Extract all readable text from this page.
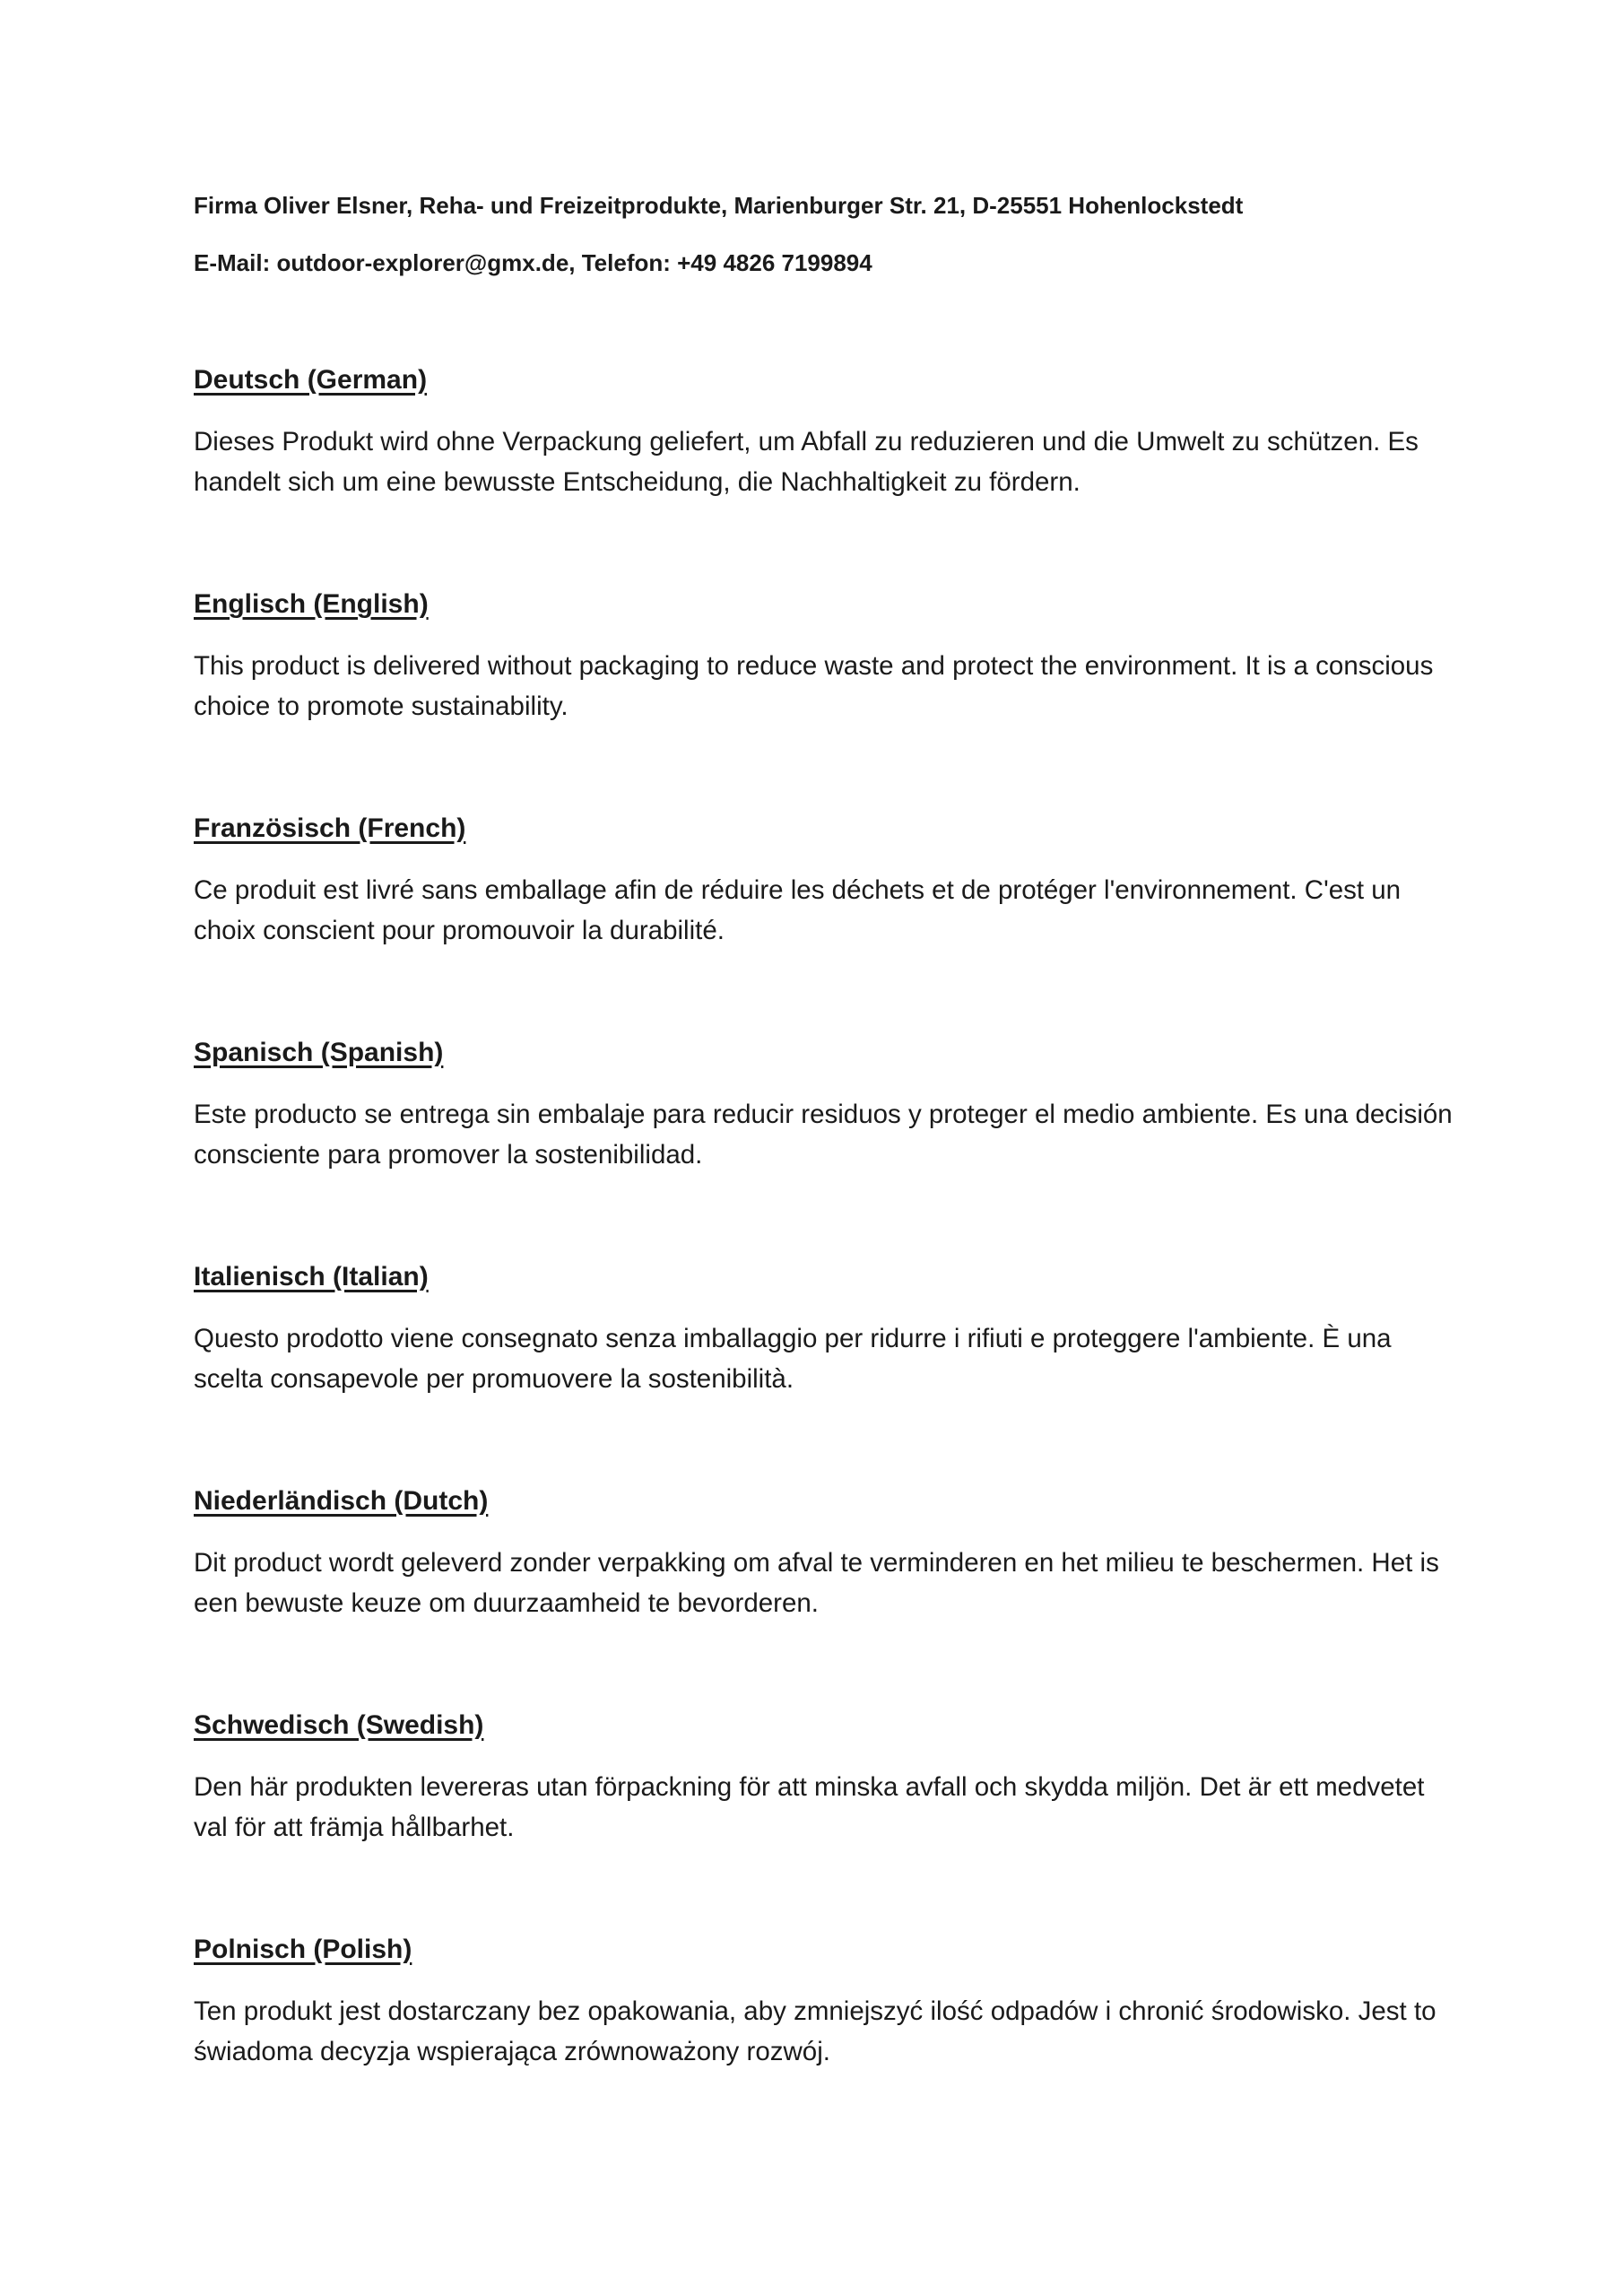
Firma Oliver Elsner, Reha- und Freizeitprodukte, Marienburger Str. 21, D-25551 Hohenlockstedt

E-Mail: outdoor-explorer@gmx.de, Telefon: +49 4826 7199894

Deutsch (German)

Dieses Produkt wird ohne Verpackung geliefert, um Abfall zu reduzieren und die Umwelt zu schützen. Es handelt sich um eine bewusste Entscheidung, die Nachhaltigkeit zu fördern.

Englisch (English)

This product is delivered without packaging to reduce waste and protect the environment. It is a conscious choice to promote sustainability.

Französisch (French)

Ce produit est livré sans emballage afin de réduire les déchets et de protéger l'environnement. C'est un choix conscient pour promouvoir la durabilité.

Spanisch (Spanish)

Este producto se entrega sin embalaje para reducir residuos y proteger el medio ambiente. Es una decisión consciente para promover la sostenibilidad.

Italienisch (Italian)

Questo prodotto viene consegnato senza imballaggio per ridurre i rifiuti e proteggere l'ambiente. È una scelta consapevole per promuovere la sostenibilità.

Niederländisch (Dutch)

Dit product wordt geleverd zonder verpakking om afval te verminderen en het milieu te beschermen. Het is een bewuste keuze om duurzaamheid te bevorderen.

Schwedisch (Swedish)

Den här produkten levereras utan förpackning för att minska avfall och skydda miljön. Det är ett medvetet val för att främja hållbarhet.

Polnisch (Polish)

Ten produkt jest dostarczany bez opakowania, aby zmniejszyć ilość odpadów i chronić środowisko. Jest to świadoma decyzja wspierająca zrównoważony rozwój.
